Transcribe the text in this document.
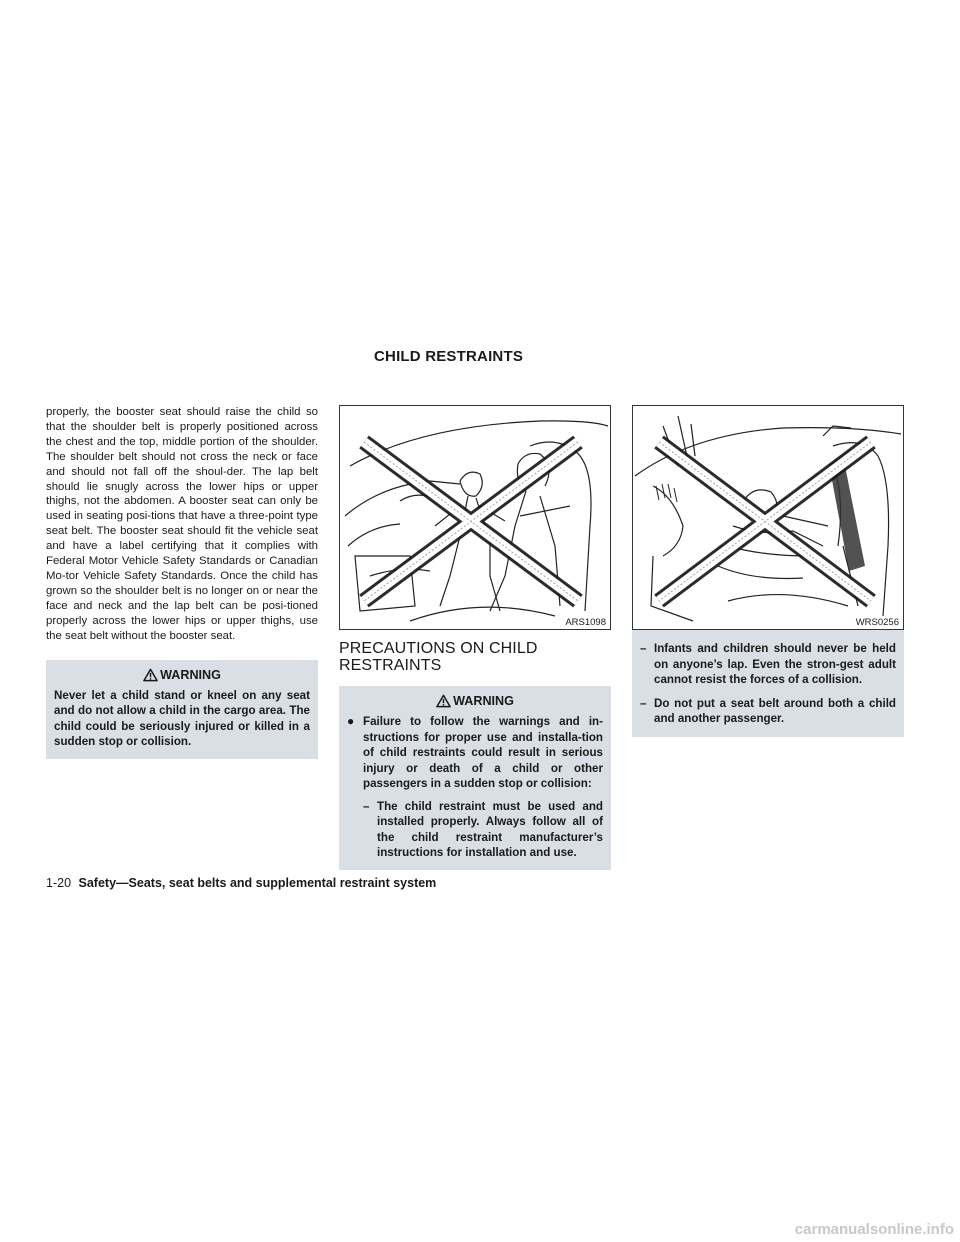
CHILD RESTRAINTS

properly, the booster seat should raise the child so that the shoulder belt is properly positioned across the chest and the top, middle portion of the shoulder. The shoulder belt should not cross the neck or face and should not fall off the shoul-der. The lap belt should lie snugly across the lower hips or upper thighs, not the abdomen. A booster seat can only be used in seating posi-tions that have a three-point type seat belt. The booster seat should fit the vehicle seat and have a label certifying that it complies with Federal Motor Vehicle Safety Standards or Canadian Mo-tor Vehicle Safety Standards. Once the child has grown so the shoulder belt is no longer on or near the face and neck and the lap belt can be posi-tioned properly across the lower hips or upper thighs, use the seat belt without the booster seat.

WARNING

Never let a child stand or kneel on any seat and do not allow a child in the cargo area. The child could be seriously injured or killed in a sudden stop or collision.

ARS1098
PRECAUTIONS ON CHILD RESTRAINTS
WARNING
● Failure to follow the warnings and in-structions for proper use and installa-tion of child restraints could result in serious injury or death of a child or other passengers in a sudden stop or collision:

– The child restraint must be used and installed properly. Always follow all of the child restraint manufacturer’s instructions for installation and use.

WRS0256
– Infants and children should never be held on anyone’s lap. Even the stron-gest adult cannot resist the forces of a collision.

– Do not put a seat belt around both a child and another passenger.

1-20 Safety—Seats, seat belts and supplemental restraint system
carmanualsonline.info
